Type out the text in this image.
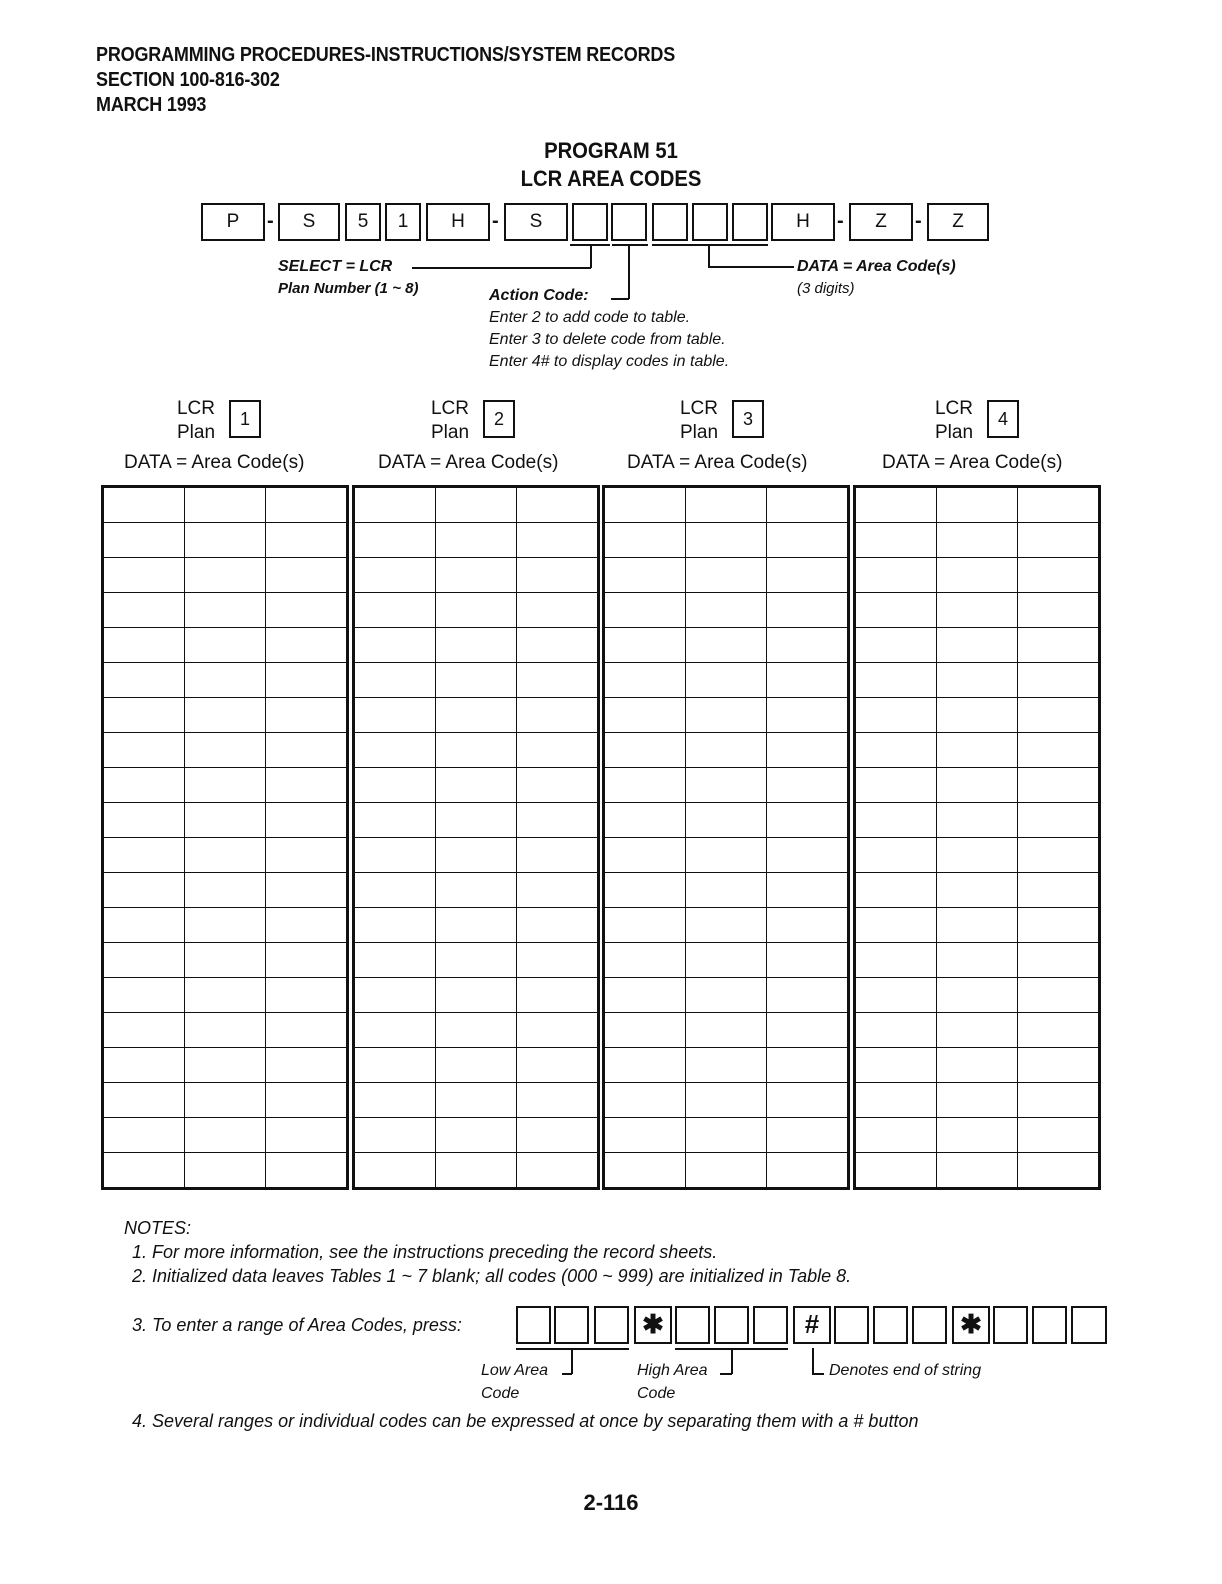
PROGRAMMING PROCEDURES-INSTRUCTIONS/SYSTEM RECORDS
SECTION 100-816-302
MARCH 1993
PROGRAM 51
LCR AREA CODES
P	-	S	5	1	H	-	S	H	-	Z	-	Z
SELECT = LCR
Plan Number (1 ~ 8)	Action Code:
Enter 2 to add code to table.
Enter 3 to delete code from table.
Enter 4# to display codes in table.
DATA = Area Code(s)
(3 digits)
LCR
Plan
1
DATA = Area Code(s)
LCR
Plan
2
DATA = Area Code(s)
LCR
Plan
3
DATA = Area Code(s)
LCR
Plan
4
DATA = Area Code(s)

NOTES:
1. For more information, see the instructions preceding the record sheets.
2. Initialized data leaves Tables 1 ~ 7 blank; all codes (000 ~ 999) are initialized in Table 8.
3. To enter a range of Area Codes, press:	✱	#	✱
Low Area
Code
High Area
Code
Denotes end of string
4. Several ranges or individual codes can be expressed at once by separating them with a # button
2-116
